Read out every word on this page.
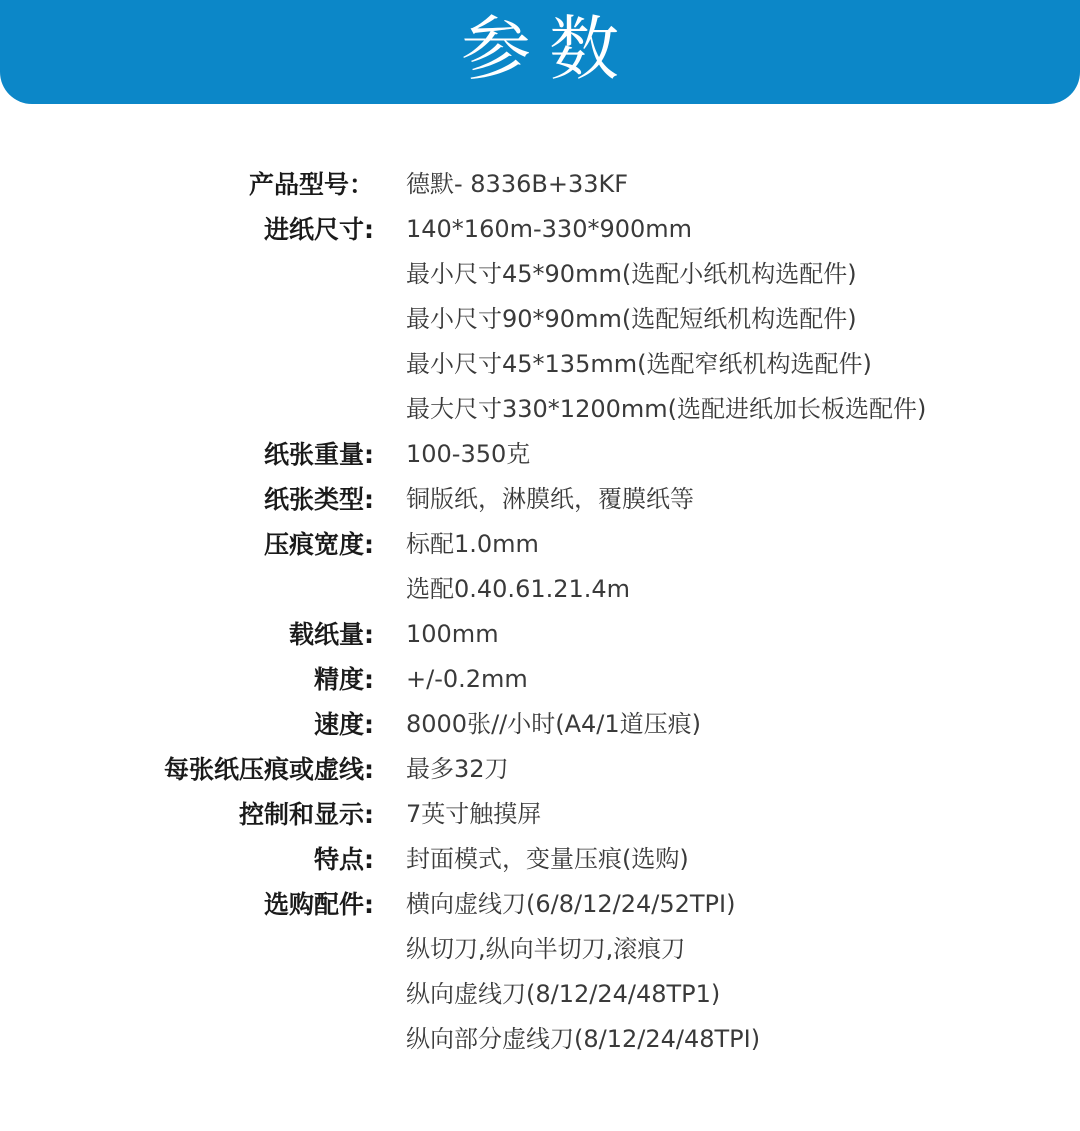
参数
产品型号： 德默- 8336B+33KF
进纸尺寸: 140*160m-330*900mm
最小尺寸45*90mm(选配小纸机构选配件)
最小尺寸90*90mm(选配短纸机构选配件)
最小尺寸45*135mm(选配窄纸机构选配件)
最大尺寸330*1200mm(选配进纸加长板选配件)
纸张重量: 100-350克
纸张类型: 铜版纸，淋膜纸，覆膜纸等
压痕宽度: 标配1.0mm
选配0.40.61.21.4m
载纸量: 100mm
精度: +/-0.2mm
速度: 8000张//小时(A4/1道压痕)
每张纸压痕或虚线: 最多32刀
控制和显示: 7英寸触摸屏
特点: 封面模式，变量压痕(选购)
选购配件: 横向虚线刀(6/8/12/24/52TPI)
纵切刀,纵向半切刀,滚痕刀
纵向虚线刀(8/12/24/48TP1)
纵向部分虚线刀(8/12/24/48TPI)
